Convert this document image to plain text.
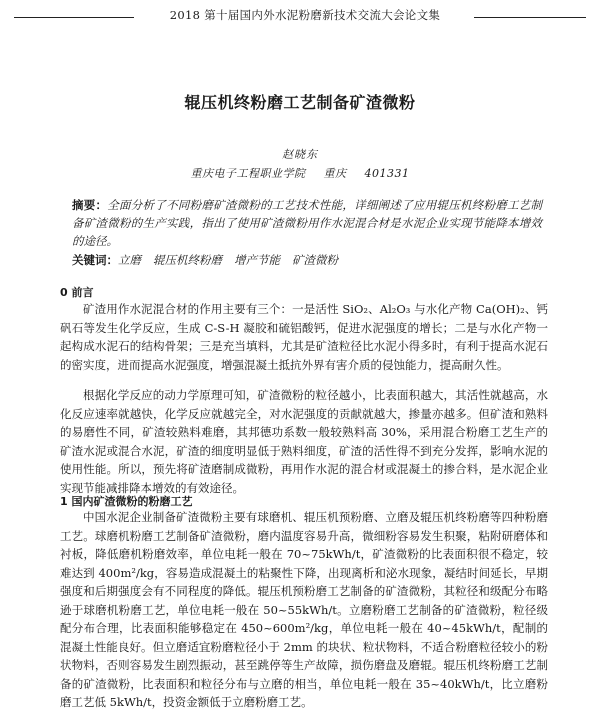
2018 第十届国内外水泥粉磨新技术交流大会论文集
辊压机终粉磨工艺制备矿渣微粉
赵晓东
重庆电子工程职业学院 重庆 401331
摘要：全面分析了不同粉磨矿渣微粉的工艺技术性能，详细阐述了应用辊压机终粉磨工艺制备矿渣微粉的生产实践，指出了使用矿渣微粉用作水泥混合材是水泥企业实现节能降本增效的途径。
关键词：立磨 辊压机终粉磨 增产节能 矿渣微粉
0 前言
矿渣用作水泥混合材的作用主要有三个：一是活性 SiO₂、Al₂O₃ 与水化产物 Ca(OH)₂、钙矾石等发生化学反应，生成 C-S-H 凝胶和硫铝酸钙，促进水泥强度的增长；二是与水化产物一起构成水泥石的结构骨架；三是充当填料，尤其是矿渣粒径比水泥小得多时，有利于提高水泥石的密实度，进而提高水泥强度，增强混凝土抵抗外界有害介质的侵蚀能力，提高耐久性。
根据化学反应的动力学原理可知，矿渣微粉的粒径越小，比表面积越大，其活性就越高，水化反应速率就越快，化学反应就越完全，对水泥强度的贡献就越大，掺量亦越多。但矿渣和熟料的易磨性不同，矿渣较熟料难磨，其邦德功系数一般较熟料高 30%，采用混合粉磨工艺生产的矿渣水泥或混合水泥，矿渣的细度明显低于熟料细度，矿渣的活性得不到充分发挥，影响水泥的使用性能。所以，预先将矿渣磨制成微粉，再用作水泥的混合材或混凝土的掺合料，是水泥企业实现节能减排降本增效的有效途径。
1 国内矿渣微粉的粉磨工艺
中国水泥企业制备矿渣微粉主要有球磨机、辊压机预粉磨、立磨及辊压机终粉磨等四种粉磨工艺。球磨机粉磨工艺制备矿渣微粉，磨内温度容易升高，微细粉容易发生积聚，粘附研磨体和衬板，降低磨机粉磨效率，单位电耗一般在 70~75kWh/t，矿渣微粉的比表面积很不稳定，较难达到 400m²/kg，容易造成混凝土的粘聚性下降，出现离析和泌水现象，凝结时间延长，早期强度和后期强度会有不同程度的降低。辊压机预粉磨工艺制备的矿渣微粉，其粒径和级配分布略逊于球磨机粉磨工艺，单位电耗一般在 50~55kWh/t。立磨粉磨工艺制备的矿渣微粉，粒径级配分布合理，比表面积能够稳定在 450~600m²/kg，单位电耗一般在 40~45kWh/t，配制的混凝土性能良好。但立磨适宜粉磨粒径小于 2mm 的块状、粒状物料，不适合粉磨粒径较小的粉状物料，否则容易发生剧烈振动，甚至跳停等生产故障，损伤磨盘及磨辊。辊压机终粉磨工艺制备的矿渣微粉，比表面积和粒径分布与立磨的相当，单位电耗一般在 35~40kWh/t，比立磨粉磨工艺低 5kWh/t，投资金额低于立磨粉磨工艺。
